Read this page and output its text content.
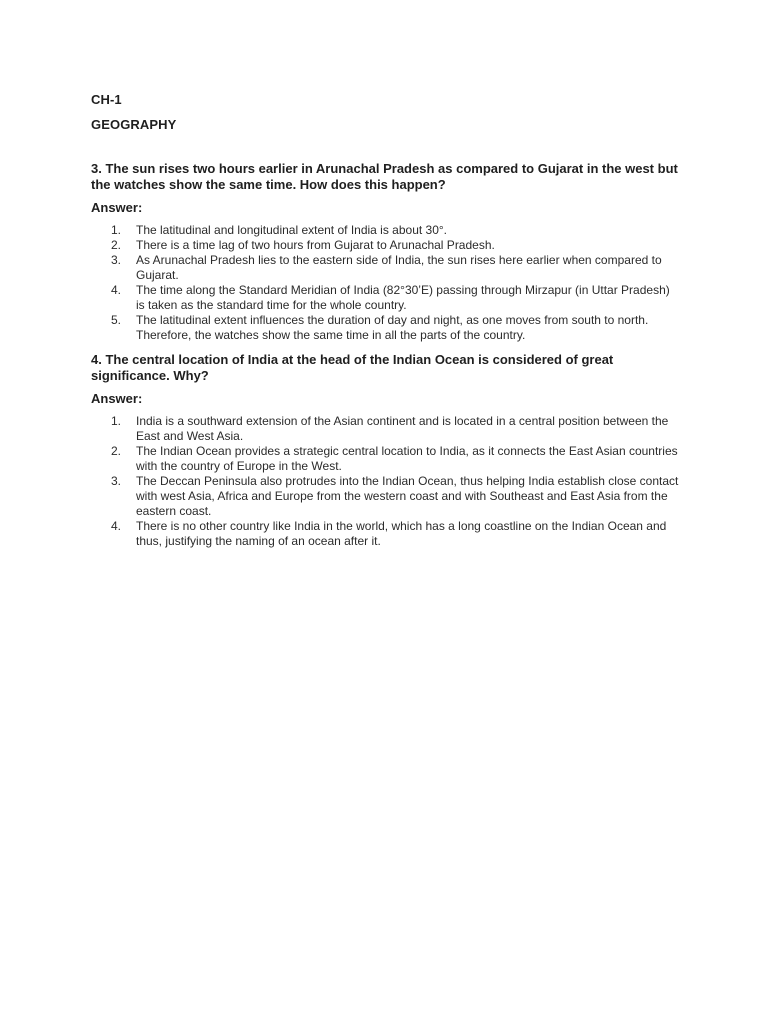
CH-1

GEOGRAPHY

3. The sun rises two hours earlier in Arunachal Pradesh as compared to Gujarat in the west but the watches show the same time. How does this happen?

Answer:

1.	The latitudinal and longitudinal extent of India is about 30°.
2.	There is a time lag of two hours from Gujarat to Arunachal Pradesh.
3.	As Arunachal Pradesh lies to the eastern side of India, the sun rises here earlier when compared to Gujarat.
4.	The time along the Standard Meridian of India (82°30’E) passing through Mirzapur (in Uttar Pradesh) is taken as the standard time for the whole country.
5.	The latitudinal extent influences the duration of day and night, as one moves from south to north. Therefore, the watches show the same time in all the parts of the country.

4. The central location of India at the head of the Indian Ocean is considered of great significance. Why?

Answer:

1.	India is a southward extension of the Asian continent and is located in a central position between the East and West Asia.
2.	The Indian Ocean provides a strategic central location to India, as it connects the East Asian countries with the country of Europe in the West.
3.	The Deccan Peninsula also protrudes into the Indian Ocean, thus helping India establish close contact with west Asia, Africa and Europe from the western coast and with Southeast and East Asia from the eastern coast.
4.	There is no other country like India in the world, which has a long coastline on the Indian Ocean and thus, justifying the naming of an ocean after it.
